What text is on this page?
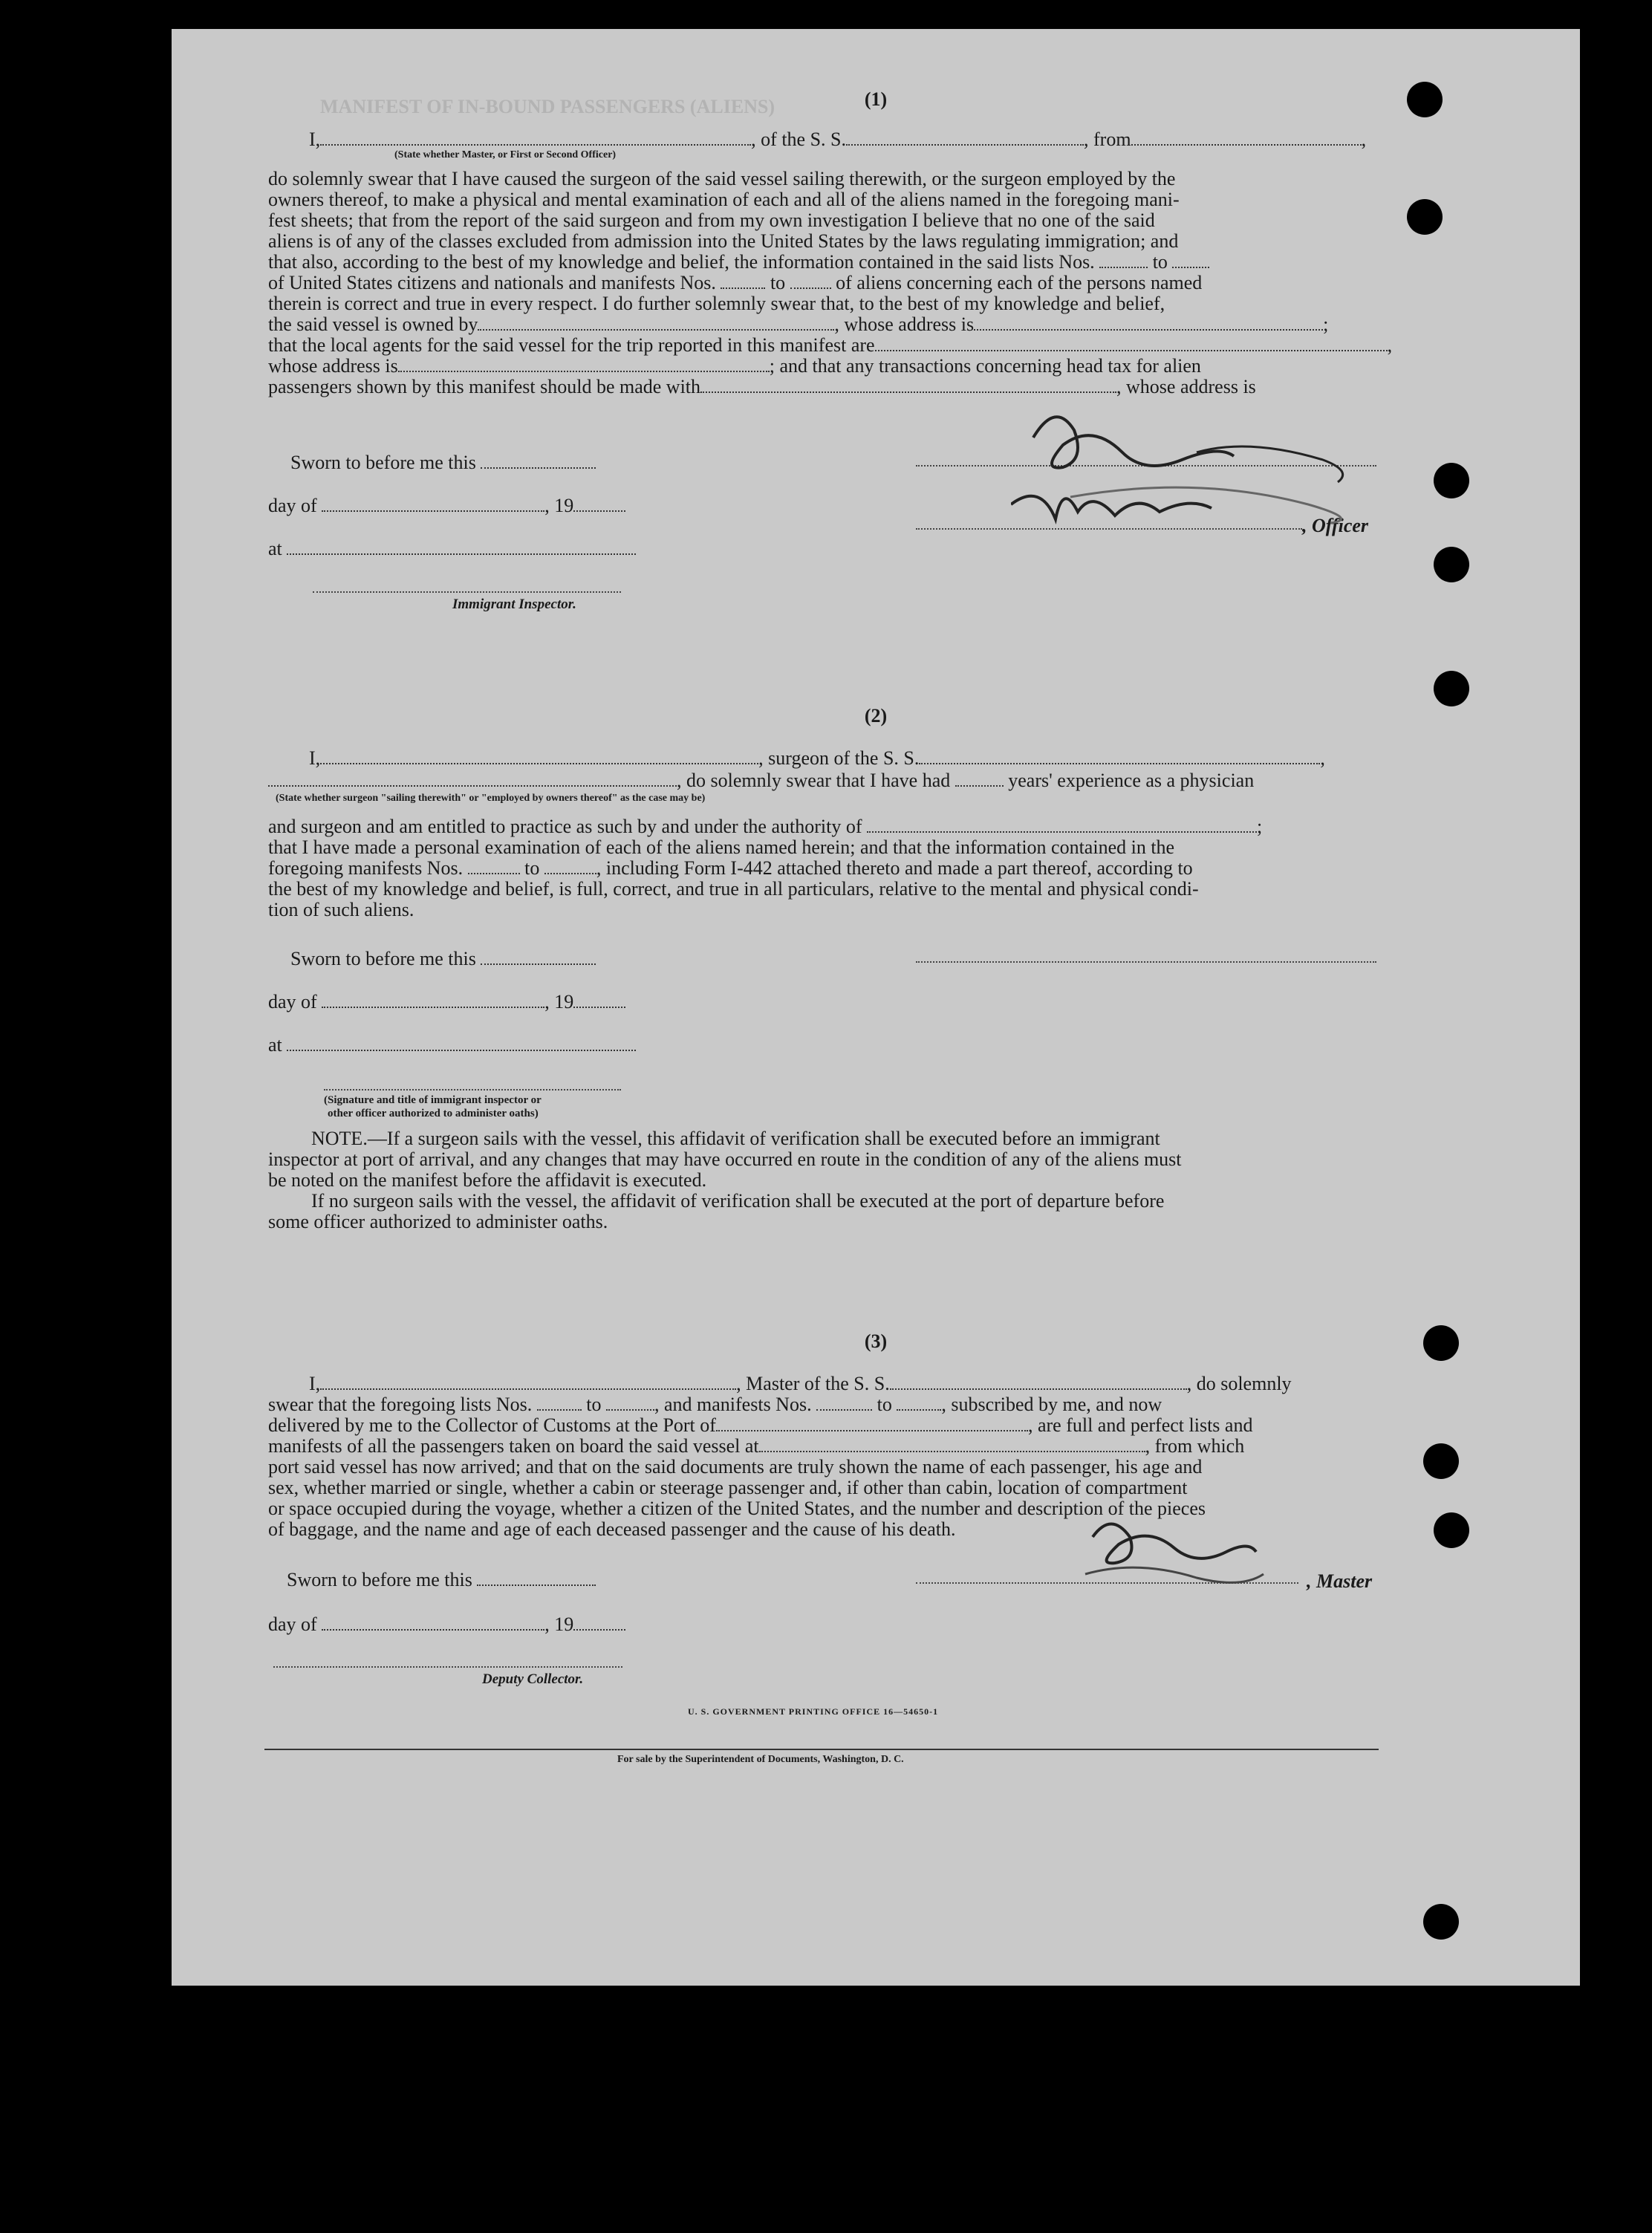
MANIFEST OF IN-BOUND PASSENGERS (ALIENS)	(1)
I,	, of the S. S.	, from	,
(State whether Master, or First or Second Officer)
do solemnly swear that I have caused the surgeon of the said vessel sailing therewith, or the surgeon employed by the
owners thereof, to make a physical and mental examination of each and all of the aliens named in the foregoing mani-
fest sheets; that from the report of the said surgeon and from my own investigation I believe that no one of the said
aliens is of any of the classes excluded from admission into the United States by the laws regulating immigration; and
that also, according to the best of my knowledge and belief, the information contained in the said lists Nos.	to
of United States citizens and nationals and manifests Nos.	to	of aliens concerning each of the persons named
therein is correct and true in every respect. I do further solemnly swear that, to the best of my knowledge and belief,
the said vessel is owned by	, whose address is	;
that the local agents for the said vessel for the trip reported in this manifest are	,
whose address is	; and that any transactions concerning head tax for alien
passengers shown by this manifest should be made with	, whose address is
Sworn to before me this
day of	, 19
at
Immigrant Inspector.
, Officer
(2)
I,	, surgeon of the S. S.	,
, do solemnly swear that I have had	years' experience as a physician
(State whether surgeon "sailing therewith" or "employed by owners thereof" as the case may be)
and surgeon and am entitled to practice as such by and under the authority of	;
that I have made a personal examination of each of the aliens named herein; and that the information contained in the
foregoing manifests Nos.	to	, including Form I-442 attached thereto and made a part thereof, according to
the best of my knowledge and belief, is full, correct, and true in all particulars, relative to the mental and physical condi-
tion of such aliens.
Sworn to before me this
day of	, 19
at
(Signature and title of immigrant inspector or
other officer authorized to administer oaths)
NOTE.—If a surgeon sails with the vessel, this affidavit of verification shall be executed before an immigrant
inspector at port of arrival, and any changes that may have occurred en route in the condition of any of the aliens must
be noted on the manifest before the affidavit is executed.
If no surgeon sails with the vessel, the affidavit of verification shall be executed at the port of departure before
some officer authorized to administer oaths.
(3)
I,	, Master of the S. S.	, do solemnly
swear that the foregoing lists Nos.	to	, and manifests Nos.	to	, subscribed by me, and now
delivered by me to the Collector of Customs at the Port of	, are full and perfect lists and
manifests of all the passengers taken on board the said vessel at	, from which
port said vessel has now arrived; and that on the said documents are truly shown the name of each passenger, his age and
sex, whether married or single, whether a cabin or steerage passenger and, if other than cabin, location of compartment
or space occupied during the voyage, whether a citizen of the United States, and the number and description of the pieces
of baggage, and the name and age of each deceased passenger and the cause of his death.
Sworn to before me this	, Master
day of	, 19
Deputy Collector.
U. S. GOVERNMENT PRINTING OFFICE 16—54650-1
For sale by the Superintendent of Documents, Washington, D. C.
